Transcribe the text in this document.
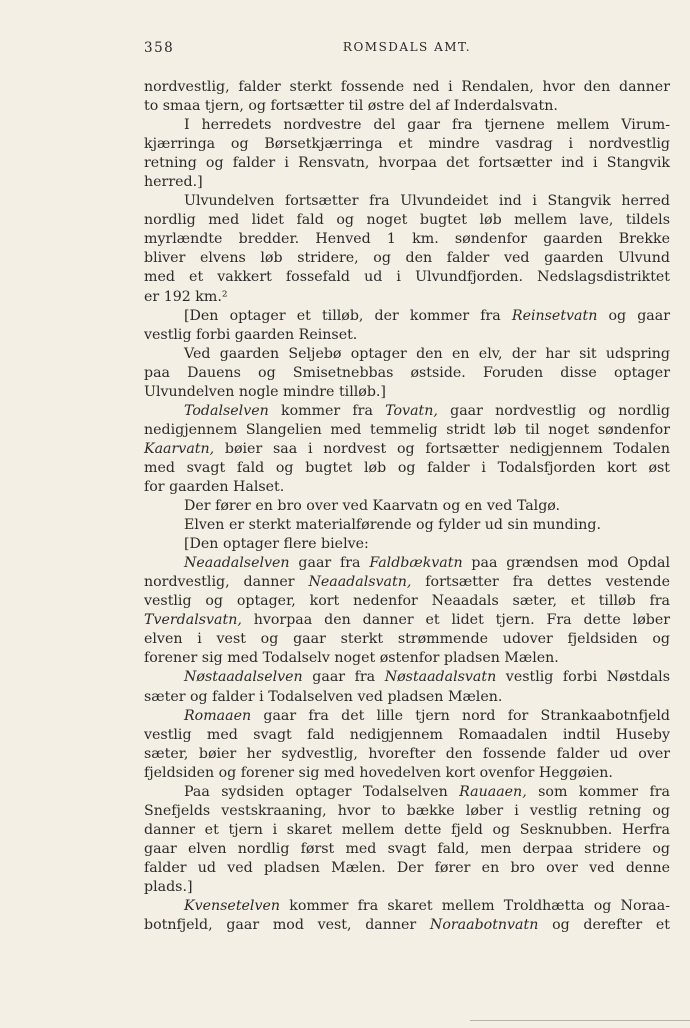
358	ROMSDALS AMT.
nordvestlig, falder sterkt fossende ned i Rendalen, hvor den danner
to smaa tjern, og fortsætter til østre del af Inderdalsvatn.
I herredets nordvestre del gaar fra tjernene mellem Virum-
kjærringa og Børsetkjærringa et mindre vasdrag i nordvestlig
retning og falder i Rensvatn, hvorpaa det fortsætter ind i Stangvik
herred.]
Ulvundelven fortsætter fra Ulvundeidet ind i Stangvik herred
nordlig med lidet fald og noget bugtet løb mellem lave, tildels
myrlændte bredder. Henved 1 km. søndenfor gaarden Brekke
bliver elvens løb stridere, og den falder ved gaarden Ulvund
med et vakkert fossefald ud i Ulvundfjorden. Nedslagsdistriktet
er 192 km.²
[Den optager et tilløb, der kommer fra Reinsetvatn og gaar
vestlig forbi gaarden Reinset.
Ved gaarden Seljebø optager den en elv, der har sit udspring
paa Dauens og Smisetnebbas østside. Foruden disse optager
Ulvundelven nogle mindre tilløb.]
Todalselven kommer fra Tovatn, gaar nordvestlig og nordlig
nedigjennem Slangelien med temmelig stridt løb til noget søndenfor
Kaarvatn, bøier saa i nordvest og fortsætter nedigjennem Todalen
med svagt fald og bugtet løb og falder i Todalsfjorden kort øst
for gaarden Halset.
Der fører en bro over ved Kaarvatn og en ved Talgø.
Elven er sterkt materialførende og fylder ud sin munding.
[Den optager flere bielve:
Neaadalselven gaar fra Faldbækvatn paa grændsen mod Opdal
nordvestlig, danner Neaadalsvatn, fortsætter fra dettes vestende
vestlig og optager, kort nedenfor Neaadals sæter, et tilløb fra
Tverdalsvatn, hvorpaa den danner et lidet tjern. Fra dette løber
elven i vest og gaar sterkt strømmende udover fjeldsiden og
forener sig med Todalselv noget østenfor pladsen Mælen.
Nøstaadalselven gaar fra Nøstaadalsvatn vestlig forbi Nøstdals
sæter og falder i Todalselven ved pladsen Mælen.
Romaaen gaar fra det lille tjern nord for Strankaabotnfjeld
vestlig med svagt fald nedigjennem Romaadalen indtil Huseby
sæter, bøier her sydvestlig, hvorefter den fossende falder ud over
fjeldsiden og forener sig med hovedelven kort ovenfor Heggøien.
Paa sydsiden optager Todalselven Rauaaen, som kommer fra
Snefjelds vestskraaning, hvor to bække løber i vestlig retning og
danner et tjern i skaret mellem dette fjeld og Sesknubben. Herfra
gaar elven nordlig først med svagt fald, men derpaa stridere og
falder ud ved pladsen Mælen. Der fører en bro over ved denne
plads.]
Kvensetelven kommer fra skaret mellem Troldhætta og Noraa-
botnfjeld, gaar mod vest, danner Noraabotnvatn og derefter et
